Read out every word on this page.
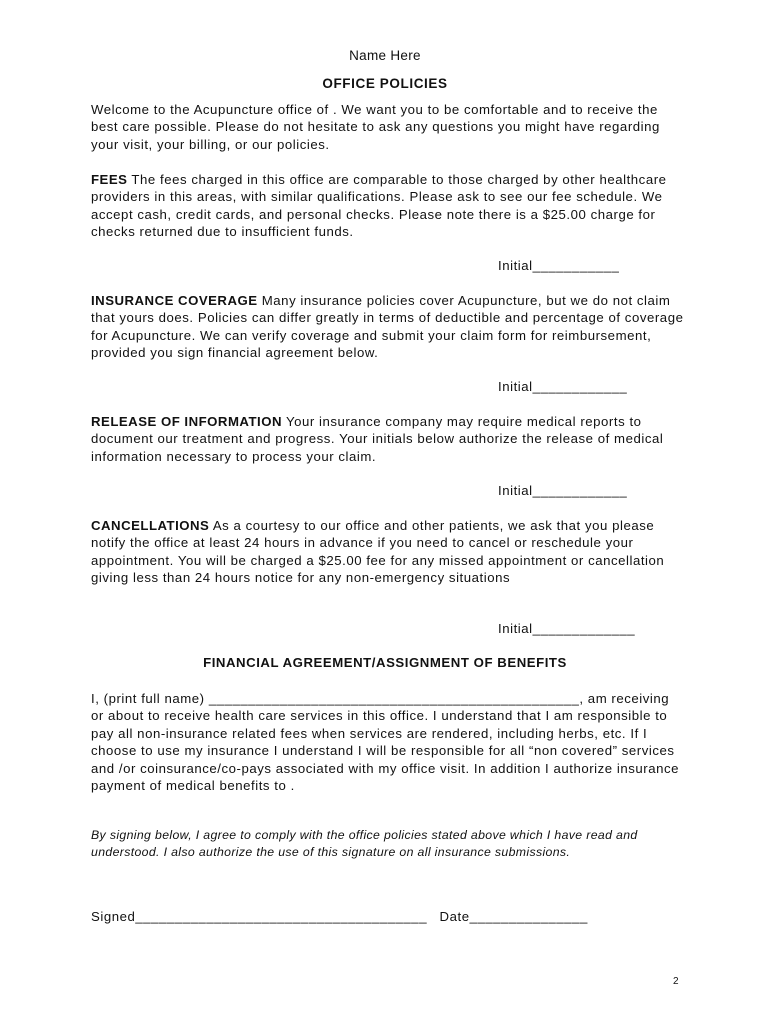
Name Here
OFFICE POLICIES

Welcome to the Acupuncture office of . We want you to be comfortable and to receive the best care possible. Please do not hesitate to ask any questions you might have regarding your visit, your billing, or our policies.

FEES The fees charged in this office are comparable to those charged by other healthcare providers in this areas, with similar qualifications. Please ask to see our fee schedule. We accept cash, credit cards, and personal checks. Please note there is a $25.00 charge for checks returned due to insufficient funds.

Initial___________

INSURANCE COVERAGE Many insurance policies cover Acupuncture, but we do not claim that yours does. Policies can differ greatly in terms of deductible and percentage of coverage for Acupuncture. We can verify coverage and submit your claim form for reimbursement, provided you sign financial agreement below.

Initial____________

RELEASE OF INFORMATION Your insurance company may require medical reports to document our treatment and progress. Your initials below authorize the release of medical information necessary to process your claim.

Initial____________

CANCELLATIONS As a courtesy to our office and other patients, we ask that you please notify the office at least 24 hours in advance if you need to cancel or reschedule your appointment. You will be charged a $25.00 fee for any missed appointment or cancellation giving less than 24 hours notice for any non-emergency situations

Initial_____________
FINANCIAL AGREEMENT/ASSIGNMENT OF BENEFITS

I, (print full name) _______________________________________________, am receiving or about to receive health care services in this office. I understand that I am responsible to pay all non-insurance related fees when services are rendered, including herbs, etc. If I choose to use my insurance I understand I will be responsible for all “non covered” services and /or coinsurance/co-pays associated with my office visit. In addition I authorize insurance payment of medical benefits to .

By signing below, I agree to comply with the office policies stated above which I have read and understood. I also authorize the use of this signature on all insurance submissions.

Signed_____________________________________ Date_______________
2
